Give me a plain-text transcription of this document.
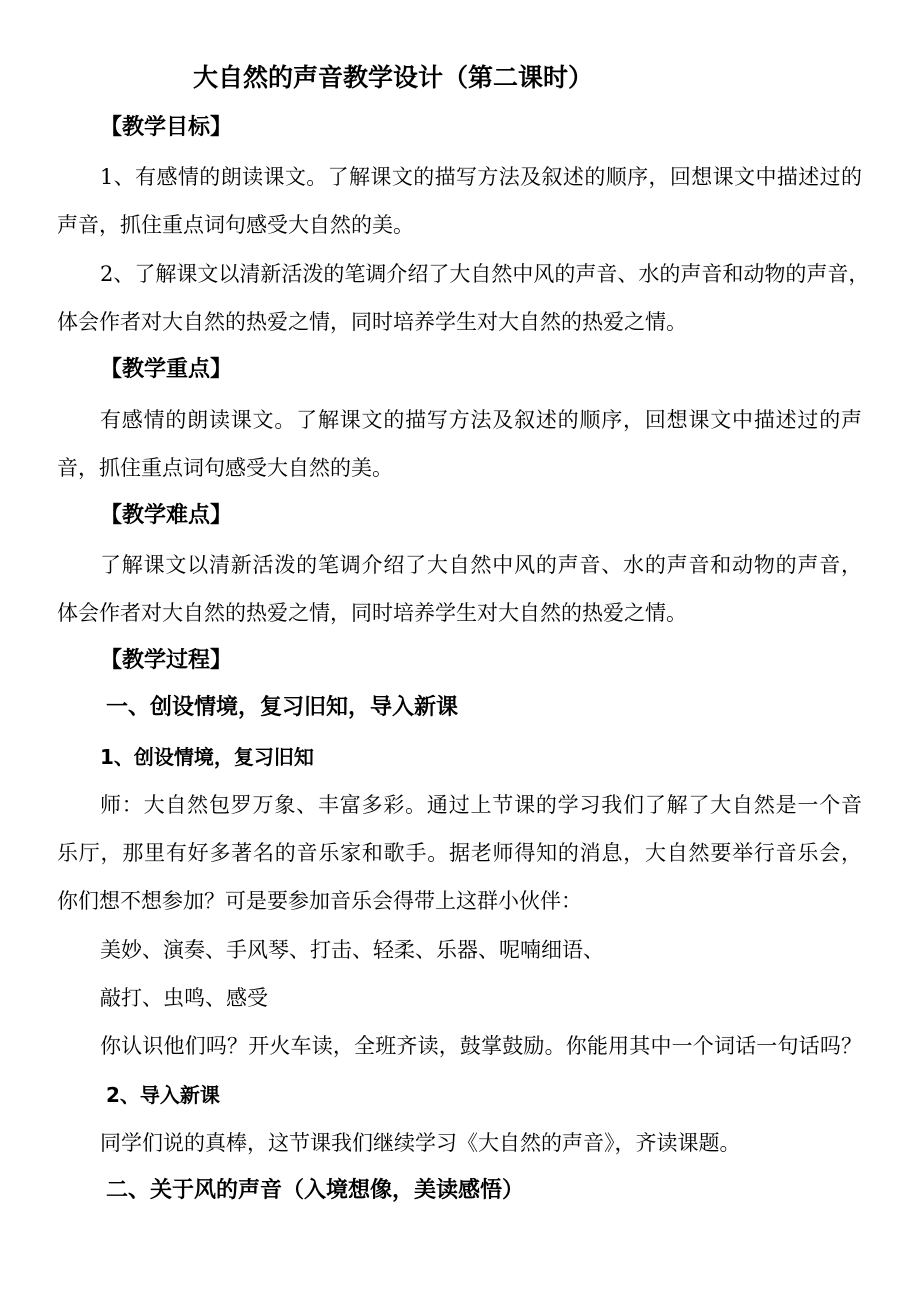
大自然的声音教学设计（第二课时）
【教学目标】
1、有感情的朗读课文。了解课文的描写方法及叙述的顺序，回想课文中描述过的
声音，抓住重点词句感受大自然的美。
2、了解课文以清新活泼的笔调介绍了大自然中风的声音、水的声音和动物的声音，
体会作者对大自然的热爱之情，同时培养学生对大自然的热爱之情。
【教学重点】
有感情的朗读课文。了解课文的描写方法及叙述的顺序，回想课文中描述过的声
音，抓住重点词句感受大自然的美。
【教学难点】
了解课文以清新活泼的笔调介绍了大自然中风的声音、水的声音和动物的声音，
体会作者对大自然的热爱之情，同时培养学生对大自然的热爱之情。
【教学过程】
一、创设情境，复习旧知，导入新课
1、创设情境，复习旧知
师：大自然包罗万象、丰富多彩。通过上节课的学习我们了解了大自然是一个音
乐厅，那里有好多著名的音乐家和歌手。据老师得知的消息，大自然要举行音乐会，
你们想不想参加？可是要参加音乐会得带上这群小伙伴：
美妙、演奏、手风琴、打击、轻柔、乐器、呢喃细语、
敲打、虫鸣、感受
你认识他们吗？开火车读，全班齐读，鼓掌鼓励。你能用其中一个词话一句话吗？
2、导入新课
同学们说的真棒，这节课我们继续学习《大自然的声音》，齐读课题。
二、关于风的声音（入境想像，美读感悟）
